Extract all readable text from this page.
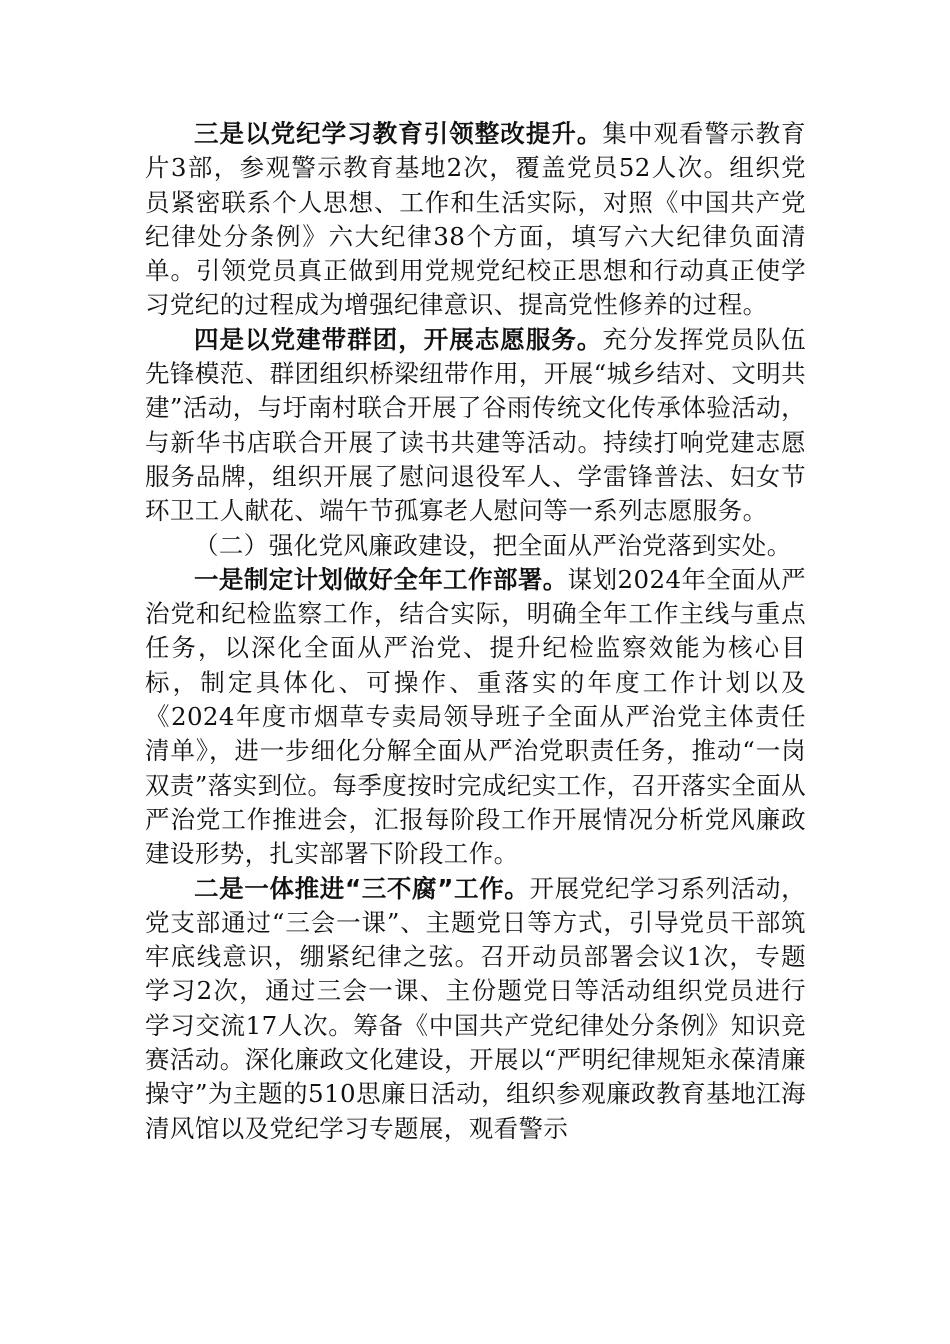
三是以党纪学习教育引领整改提升。集中观看警示教育片3部，参观警示教育基地2次，覆盖党员52人次。组织党员紧密联系个人思想、工作和生活实际，对照《中国共产党纪律处分条例》六大纪律38个方面，填写六大纪律负面清单。引领党员真正做到用党规党纪校正思想和行动真正使学习党纪的过程成为增强纪律意识、提高党性修养的过程。

四是以党建带群团，开展志愿服务。充分发挥党员队伍先锋模范、群团组织桥梁纽带作用，开展“城乡结对、文明共建”活动，与圩南村联合开展了谷雨传统文化传承体验活动，与新华书店联合开展了读书共建等活动。持续打响党建志愿服务品牌，组织开展了慰问退役军人、学雷锋普法、妇女节环卫工人献花、端午节孤寡老人慰问等一系列志愿服务。

（二）强化党风廉政建设，把全面从严治党落到实处。

一是制定计划做好全年工作部署。谋划2024年全面从严治党和纪检监察工作，结合实际，明确全年工作主线与重点任务，以深化全面从严治党、提升纪检监察效能为核心目标，制定具体化、可操作、重落实的年度工作计划以及《2024年度市烟草专卖局领导班子全面从严治党主体责任清单》，进一步细化分解全面从严治党职责任务，推动“一岗双责”落实到位。每季度按时完成纪实工作，召开落实全面从严治党工作推进会，汇报每阶段工作开展情况分析党风廉政建设形势，扎实部署下阶段工作。

二是一体推进“三不腐”工作。开展党纪学习系列活动，党支部通过“三会一课”、主题党日等方式，引导党员干部筑牢底线意识，绷紧纪律之弦。召开动员部署会议1次，专题学习2次，通过三会一课、主份题党日等活动组织党员进行学习交流17人次。筹备《中国共产党纪律处分条例》知识竞赛活动。深化廉政文化建设，开展以“严明纪律规矩永葆清廉操守”为主题的510思廉日活动，组织参观廉政教育基地江海清风馆以及党纪学习专题展，观看警示
